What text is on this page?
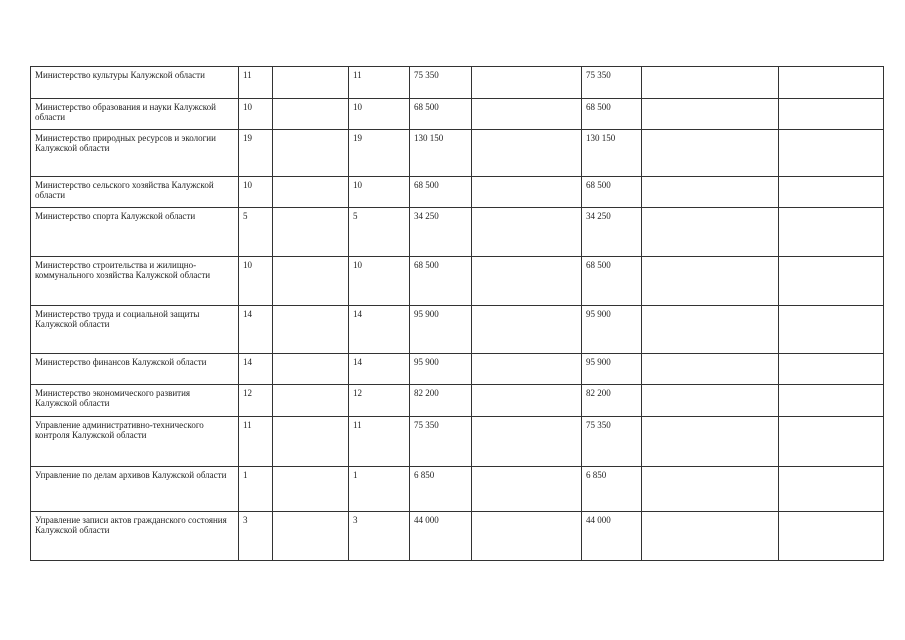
Министерство культуры Калужской области	11		11	75 350		75 350		
Министерство образования и науки Калужской области	10		10	68 500		68 500		
Министерство природных ресурсов и экологии Калужской области	19		19	130 150		130 150		
Министерство сельского хозяйства Калужской области	10		10	68 500		68 500		
Министерство спорта Калужской области	5		5	34 250		34 250		
Министерство строительства и жилищно-коммунального хозяйства Калужской области	10		10	68 500		68 500		
Министерство труда и социальной защиты Калужской области	14		14	95 900		95 900		
Министерство финансов Калужской области	14		14	95 900		95 900		
Министерство экономического развития Калужской области	12		12	82 200		82 200		
Управление административно-технического контроля Калужской области	11		11	75 350		75 350		
Управление по делам архивов Калужской области	1		1	6 850		6 850		
Управление записи актов гражданского состояния Калужской области	3		3	44 000		44 000		
